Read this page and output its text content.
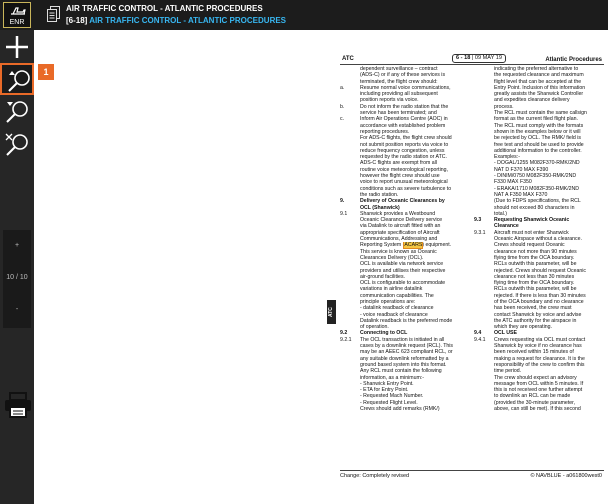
ENR
AIR TRAFFIC CONTROL - ATLANTIC PROCEDURES
[6-18] AIR TRAFFIC CONTROL - ATLANTIC PROCEDURES
1
+
10 / 10
-
ATC	6 - 18 | 09 MAY 19	Atlantic Procedures
ATC
dependent surveillance – contract
(ADS-C) or if any of these services is
terminated, the flight crew should:
a.	Resume normal voice communications,
including providing all subsequent
position reports via voice.
b.	Do not inform the radio station that the
service has been terminated; and
c.	Inform Air Operations Centre (AOC) in
accordance with established problem
reporting procedures.
For ADS-C flights, the flight crew should
not submit position reports via voice to
reduce frequency congestion, unless
requested by the radio station or ATC.
ADS-C flights are exempt from all
routine voice meteorological reporting,
however the flight crew should use
voice to report unusual meteorological
conditions such as severe turbulence to
the radio station.
9.	Delivery of Oceanic Clearances by
OCL (Shanwick)
9.1 Shanwick provides a Westbound
Oceanic Clearance Delivery service
via Datalink to aircraft fitted with an
appropriate specification of Aircraft
Communications, Addressing and
Reporting System (ACARS) equipment.
This service is known as Oceanic
Clearances Delivery (OCL).
OCL is available via network service
providers and utilises their respective
air-ground facilities.
OCL is configurable to accommodate
variations in airline datalink
communication capabilities. The
principle operations are:
- datalink readback of clearance
- voice readback of clearance
Datalink readback is the preferred mode
of operation.
9.2 Connecting to OCL
9.2.1 The OCL transaction is initiated in all
cases by a downlink request (RCL). This
may be an AEEC 623 compliant RCL, or
any suitable downlink reformatted by a
ground based system into this format.
Any RCL must contain the following
information, as a minimum:-
- Shanwick Entry Point.
- ETA for Entry Point.
- Requested Mach Number.
- Requested Flight Level.
Crews should add remarks (RMK/)
indicating the preferred alternative to
the requested clearance and maximum
flight level that can be accepted at the
Entry Point. Inclusion of this information
greatly assists the Shanwick Controller
and expedites clearance delivery
process.
The RCL must contain the same callsign
format as the current filed flight plan.
The RCL must comply with the formats
shown in the examples below or it will
be rejected by OCL. The RMK/ field is
free text and should be used to provide
additional information to the controller.
Examples:-
- DOGAL/1255 M082F370-RMK/2ND
NAT D F370 MAX F390
- DINIM/0750 M082F350-RMK/2ND
F330 MAX F350
- ERAKA/1710 M082F350-RMK/2ND
NAT A F350 MAX F370
(Due to FDPS specifications, the RCL
should not exceed 80 characters in
total.)
9.3 Requesting Shanwick Oceanic
Clearance
9.3.1 Aircraft must not enter Shanwick
Oceanic Airspace without a clearance.
Crews should request Oceanic
clearance not more than 90 minutes
flying time from the OCA boundary.
RCLs outwith this parameter, will be
rejected. Crews should request Oceanic
clearance not less than 30 minutes
flying time from the OCA boundary.
RCLs outwith this parameter, will be
rejected. If there is less than 30 minutes
of the OCA boundary and no clearance
has been received, the crew must
contact Shanwick by voice and advise
the ATC authority for the airspace in
which they are operating.
9.4 OCL USE
9.4.1 Crews requesting via OCL must contact
Shanwick by voice if no clearance has
been received within 15 minutes of
making a request for clearance. It is the
responsibility of the crew to confirm this
time period.
The crew should expect an advisory
message from OCL within 5 minutes. If
this is not received one further attempt
to downlink an RCL can be made
(provided the 30-minute parameter,
above, can still be met). If this second
Change: Completely revised	© NAVBLUE - a061800west0
